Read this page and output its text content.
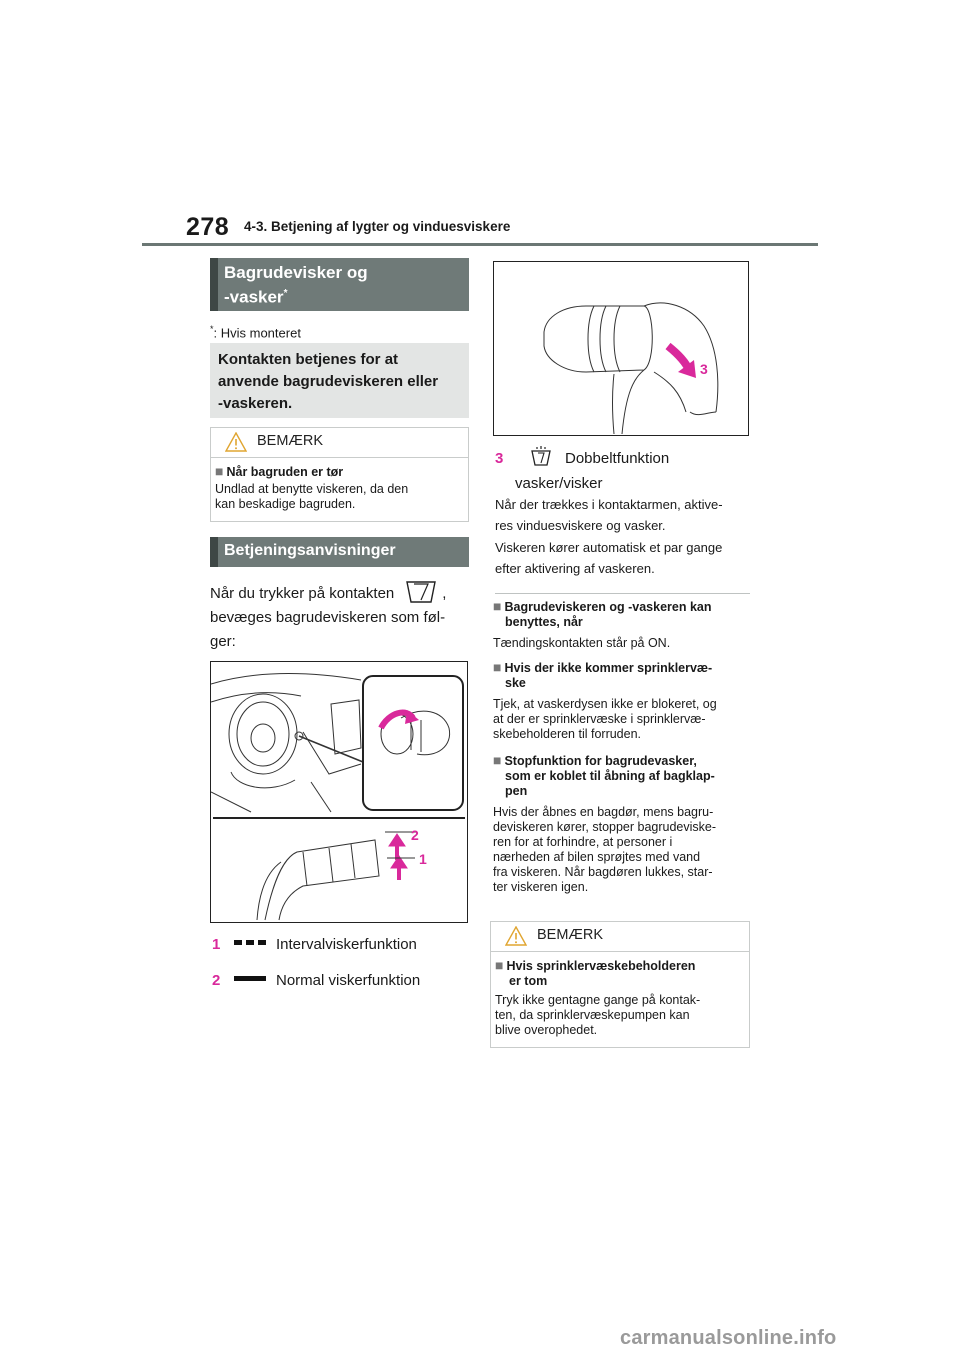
278 4-3. Betjening af lygter og vinduesviskere
Bagrudevisker og
-vasker*
*: Hvis monteret
Kontakten betjenes for at
anvende bagrudeviskeren eller
-vaskeren.
BEMÆRK
■ Når bagruden er tør
Undlad at benytte viskeren, da den
kan beskadige bagruden.
Betjeningsanvisninger
Når du trykker på kontakten	,
bevæges bagrudeviskeren som føl-
ger:
2
1
1	Intervalviskerfunktion
2	Normal viskerfunktion
3
3	Dobbeltfunktion
vasker/visker
Når der trækkes i kontaktarmen, aktive-
res vinduesviskere og vasker.
Viskeren kører automatisk et par gange
efter aktivering af vaskeren.
■ Bagrudeviskeren og -vaskeren kan
benyttes, når
Tændingskontakten står på ON.
■ Hvis der ikke kommer sprinklervæ-
ske
Tjek, at vaskerdysen ikke er blokeret, og
at der er sprinklervæske i sprinklervæ-
skebeholderen til forruden.
■ Stopfunktion for bagrudevasker,
som er koblet til åbning af bagklap-
pen
Hvis der åbnes en bagdør, mens bagru-
deviskeren kører, stopper bagrudeviske-
ren for at forhindre, at personer i
nærheden af bilen sprøjtes med vand
fra viskeren. Når bagdøren lukkes, star-
ter viskeren igen.
BEMÆRK
■ Hvis sprinklervæskebeholderen
er tom
Tryk ikke gentagne gange på kontak-
ten, da sprinklervæskepumpen kan
blive overophedet.
carmanualsonline.info
